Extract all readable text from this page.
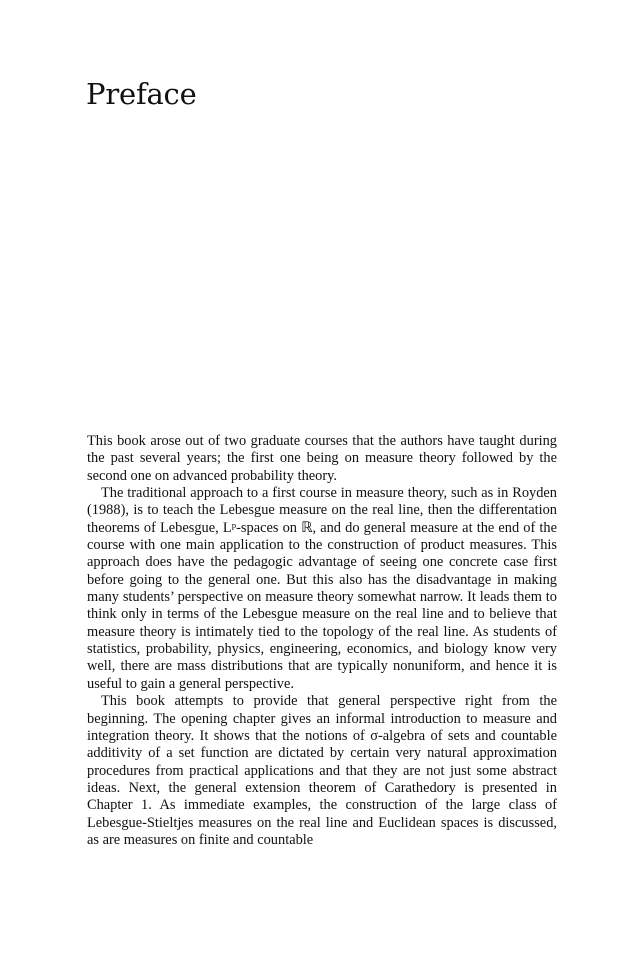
Preface

This book arose out of two graduate courses that the authors have taught during the past several years; the first one being on measure theory followed by the second one on advanced probability theory.

The traditional approach to a first course in measure theory, such as in Royden (1988), is to teach the Lebesgue measure on the real line, then the differentation theorems of Lebesgue, Lᵖ-spaces on ℝ, and do general measure at the end of the course with one main application to the construction of product measures. This approach does have the pedagogic advantage of seeing one concrete case first before going to the general one. But this also has the disadvantage in making many students’ perspective on measure theory somewhat narrow. It leads them to think only in terms of the Lebesgue measure on the real line and to believe that measure theory is intimately tied to the topology of the real line. As students of statistics, probability, physics, engineering, economics, and biology know very well, there are mass distributions that are typically nonuniform, and hence it is useful to gain a general perspective.

This book attempts to provide that general perspective right from the beginning. The opening chapter gives an informal introduction to measure and integration theory. It shows that the notions of σ-algebra of sets and countable additivity of a set function are dictated by certain very natural approximation procedures from practical applications and that they are not just some abstract ideas. Next, the general extension theorem of Carathedory is presented in Chapter 1. As immediate examples, the construction of the large class of Lebesgue-Stieltjes measures on the real line and Euclidean spaces is discussed, as are measures on finite and countable
